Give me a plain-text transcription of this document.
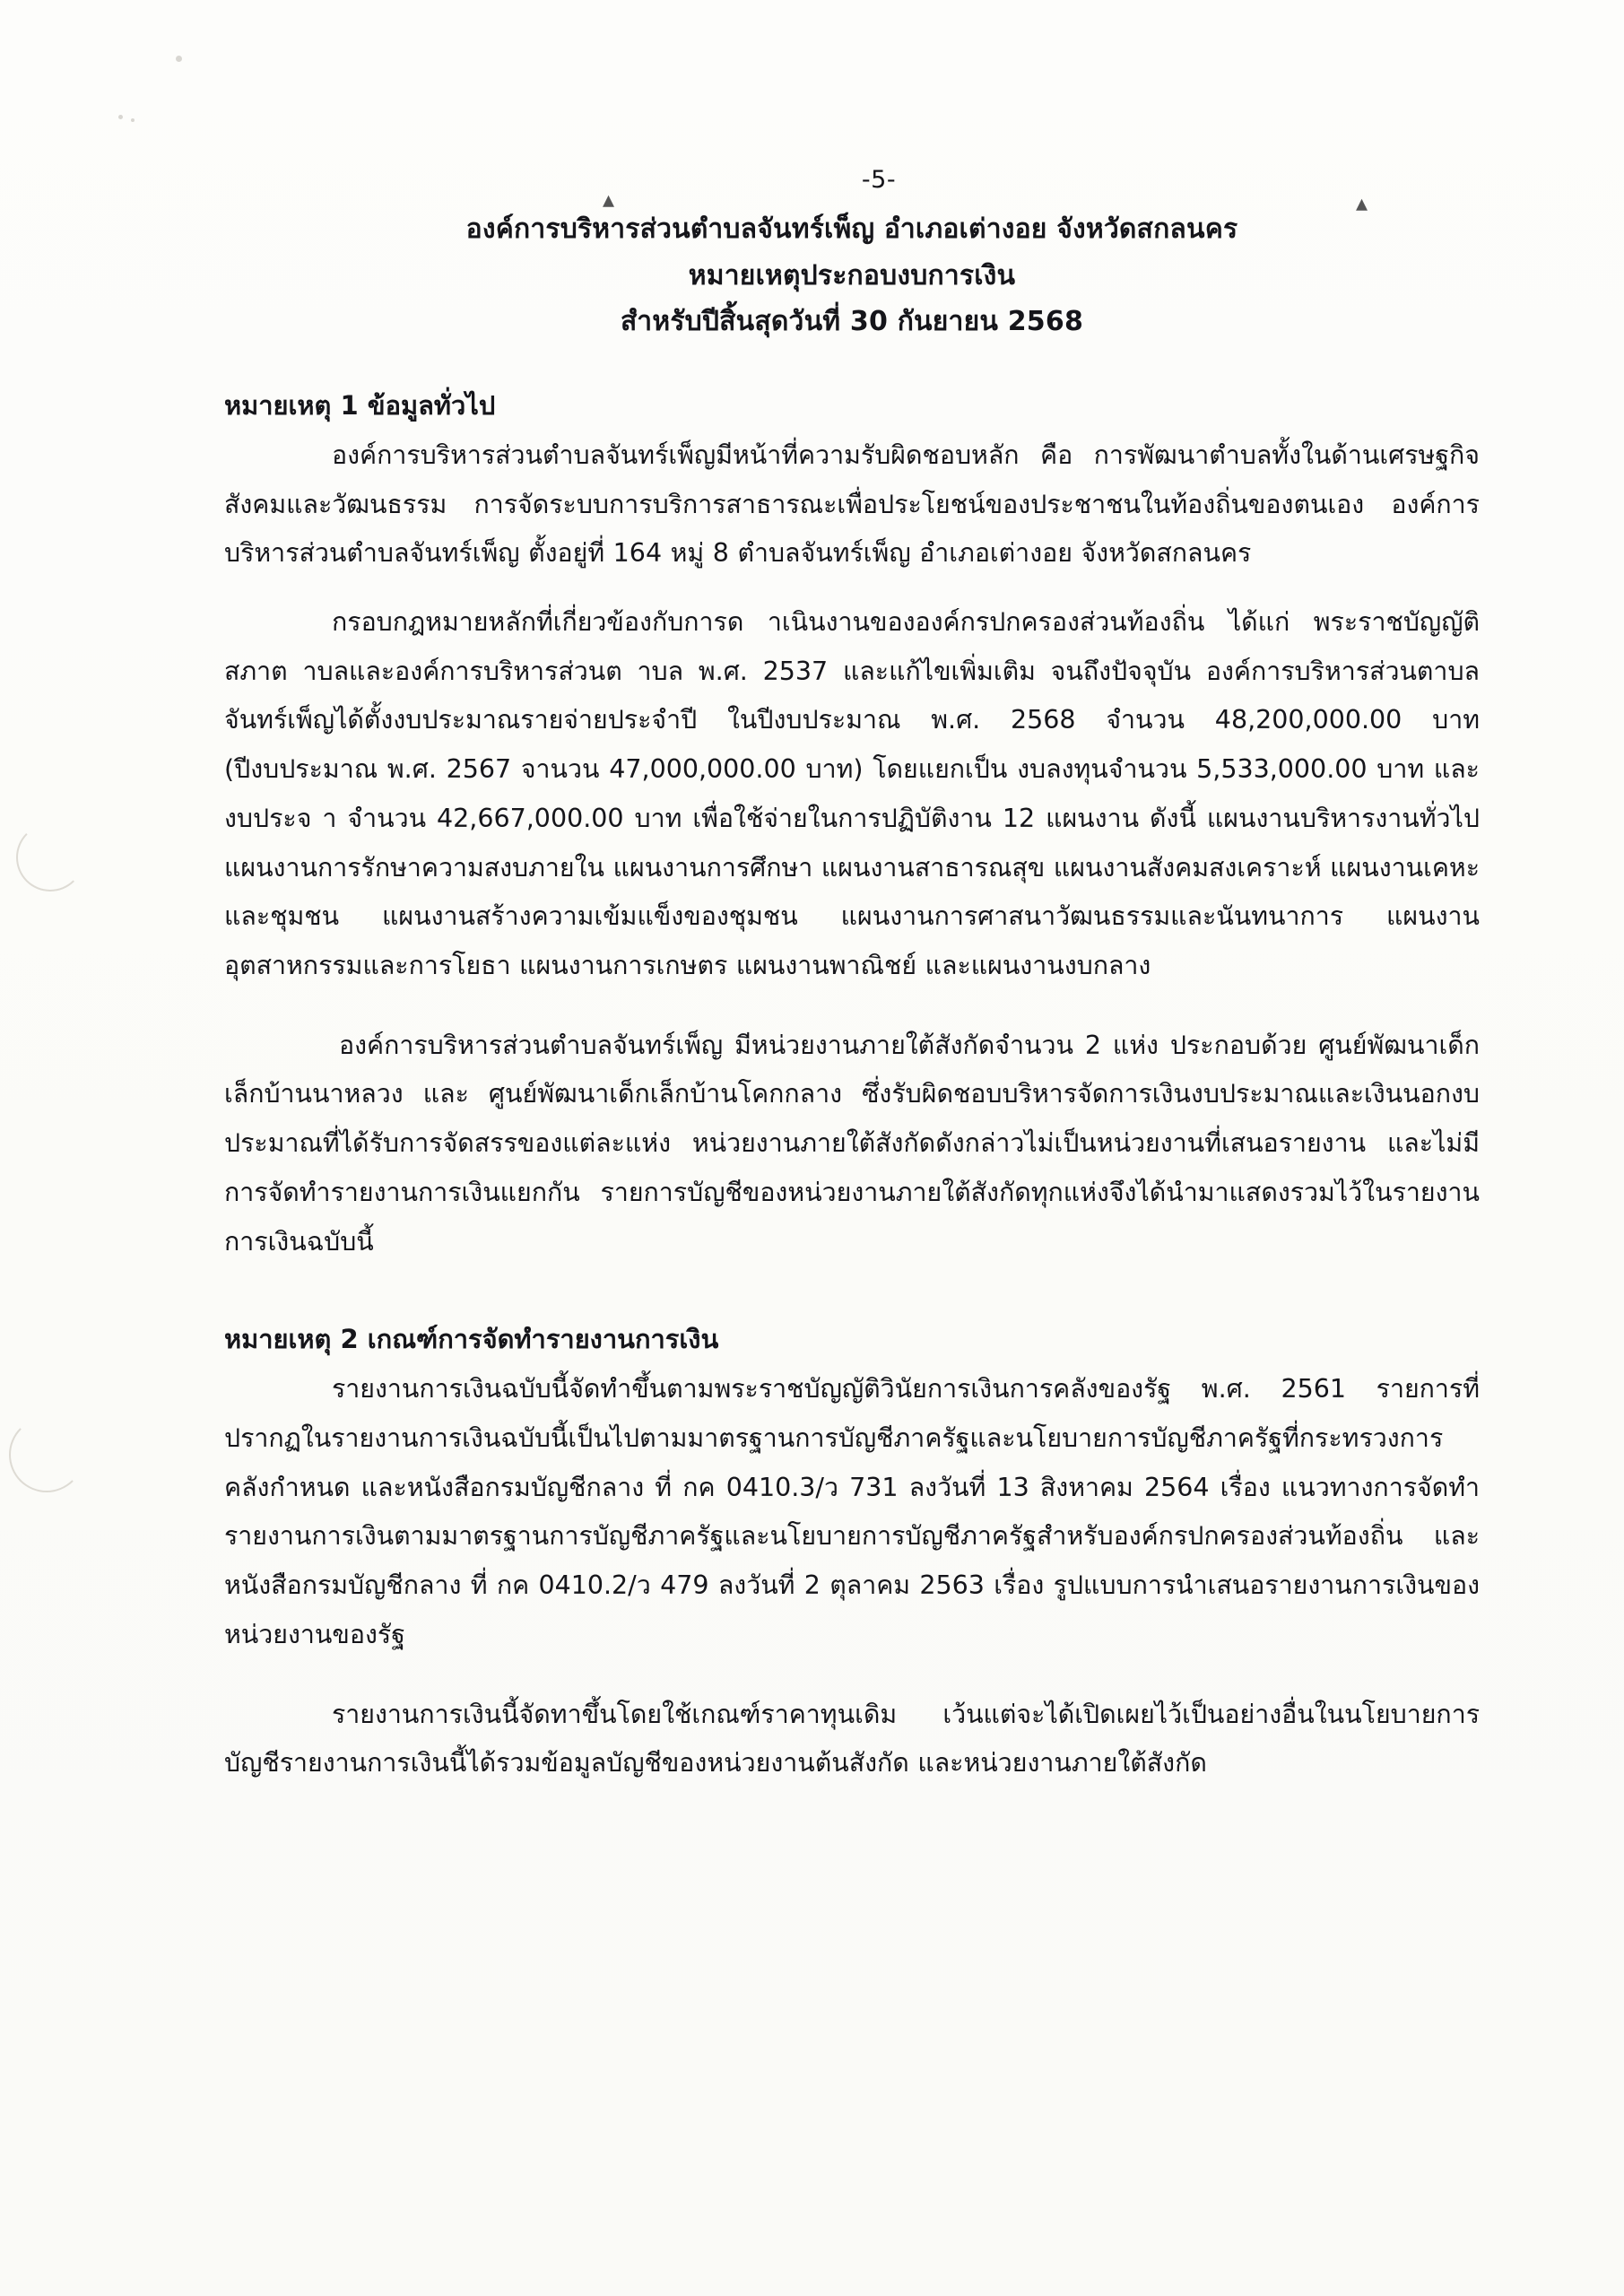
▴	▴
-5-
องค์การบริหารส่วนตำบลจันทร์เพ็ญ อำเภอเต่างอย จังหวัดสกลนคร
หมายเหตุประกอบงบการเงิน
สำหรับปีสิ้นสุดวันที่ 30 กันยายน 2568
หมายเหตุ 1 ข้อมูลทั่วไป

องค์การบริหารส่วนตำบลจันทร์เพ็ญมีหน้าที่ความรับผิดชอบหลัก คือ การพัฒนาตำบลทั้งในด้านเศรษฐกิจ สังคมและวัฒนธรรม การจัดระบบการบริการสาธารณะเพื่อประโยชน์ของประชาชนในท้องถิ่นของตนเอง องค์การบริหารส่วนตำบลจันทร์เพ็ญ ตั้งอยู่ที่ 164 หมู่ 8 ตำบลจันทร์เพ็ญ อำเภอเต่างอย จังหวัดสกลนคร

กรอบกฎหมายหลักที่เกี่ยวข้องกับการด าเนินงานขององค์กรปกครองส่วนท้องถิ่น ได้แก่ พระราชบัญญัติสภาต าบลและองค์การบริหารส่วนต าบล พ.ศ. 2537 และแก้ไขเพิ่มเติม จนถึงปัจจุบัน องค์การบริหารส่วนตาบลจันทร์เพ็ญได้ตั้งงบประมาณรายจ่ายประจำปี ในปีงบประมาณ พ.ศ. 2568 จำนวน 48,200,000.00 บาท (ปีงบประมาณ พ.ศ. 2567 จานวน 47,000,000.00 บาท) โดยแยกเป็น งบลงทุนจำนวน 5,533,000.00 บาท และงบประจ า จำนวน 42,667,000.00 บาท เพื่อใช้จ่ายในการปฏิบัติงาน 12 แผนงาน ดังนี้ แผนงานบริหารงานทั่วไป แผนงานการรักษาความสงบภายใน แผนงานการศึกษา แผนงานสาธารณสุข แผนงานสังคมสงเคราะห์ แผนงานเคหะและชุมชน แผนงานสร้างความเข้มแข็งของชุมชน แผนงานการศาสนาวัฒนธรรมและนันทนาการ แผนงานอุตสาหกรรมและการโยธา แผนงานการเกษตร แผนงานพาณิชย์ และแผนงานงบกลาง

องค์การบริหารส่วนตำบลจันทร์เพ็ญ มีหน่วยงานภายใต้สังกัดจำนวน 2 แห่ง ประกอบด้วย ศูนย์พัฒนาเด็กเล็กบ้านนาหลวง และ ศูนย์พัฒนาเด็กเล็กบ้านโคกกลาง ซึ่งรับผิดชอบบริหารจัดการเงินงบประมาณและเงินนอกงบประมาณที่ได้รับการจัดสรรของแต่ละแห่ง หน่วยงานภายใต้สังกัดดังกล่าวไม่เป็นหน่วยงานที่เสนอรายงาน และไม่มีการจัดทำรายงานการเงินแยกกัน รายการบัญชีของหน่วยงานภายใต้สังกัดทุกแห่งจึงได้นำมาแสดงรวมไว้ในรายงานการเงินฉบับนี้

หมายเหตุ 2 เกณฑ์การจัดทำรายงานการเงิน

รายงานการเงินฉบับนี้จัดทำขึ้นตามพระราชบัญญัติวินัยการเงินการคลังของรัฐ พ.ศ. 2561 รายการที่ปรากฏในรายงานการเงินฉบับนี้เป็นไปตามมาตรฐานการบัญชีภาครัฐและนโยบายการบัญชีภาครัฐที่กระทรวงการคลังกำหนด และหนังสือกรมบัญชีกลาง ที่ กค 0410.3/ว 731 ลงวันที่ 13 สิงหาคม 2564 เรื่อง แนวทางการจัดทำรายงานการเงินตามมาตรฐานการบัญชีภาครัฐและนโยบายการบัญชีภาครัฐสำหรับองค์กรปกครองส่วนท้องถิ่น และหนังสือกรมบัญชีกลาง ที่ กค 0410.2/ว 479 ลงวันที่ 2 ตุลาคม 2563 เรื่อง รูปแบบการนำเสนอรายงานการเงินของหน่วยงานของรัฐ

รายงานการเงินนี้จัดทาขึ้นโดยใช้เกณฑ์ราคาทุนเดิม เว้นแต่จะได้เปิดเผยไว้เป็นอย่างอื่นในนโยบายการบัญชีรายงานการเงินนี้ได้รวมข้อมูลบัญชีของหน่วยงานต้นสังกัด และหน่วยงานภายใต้สังกัด
